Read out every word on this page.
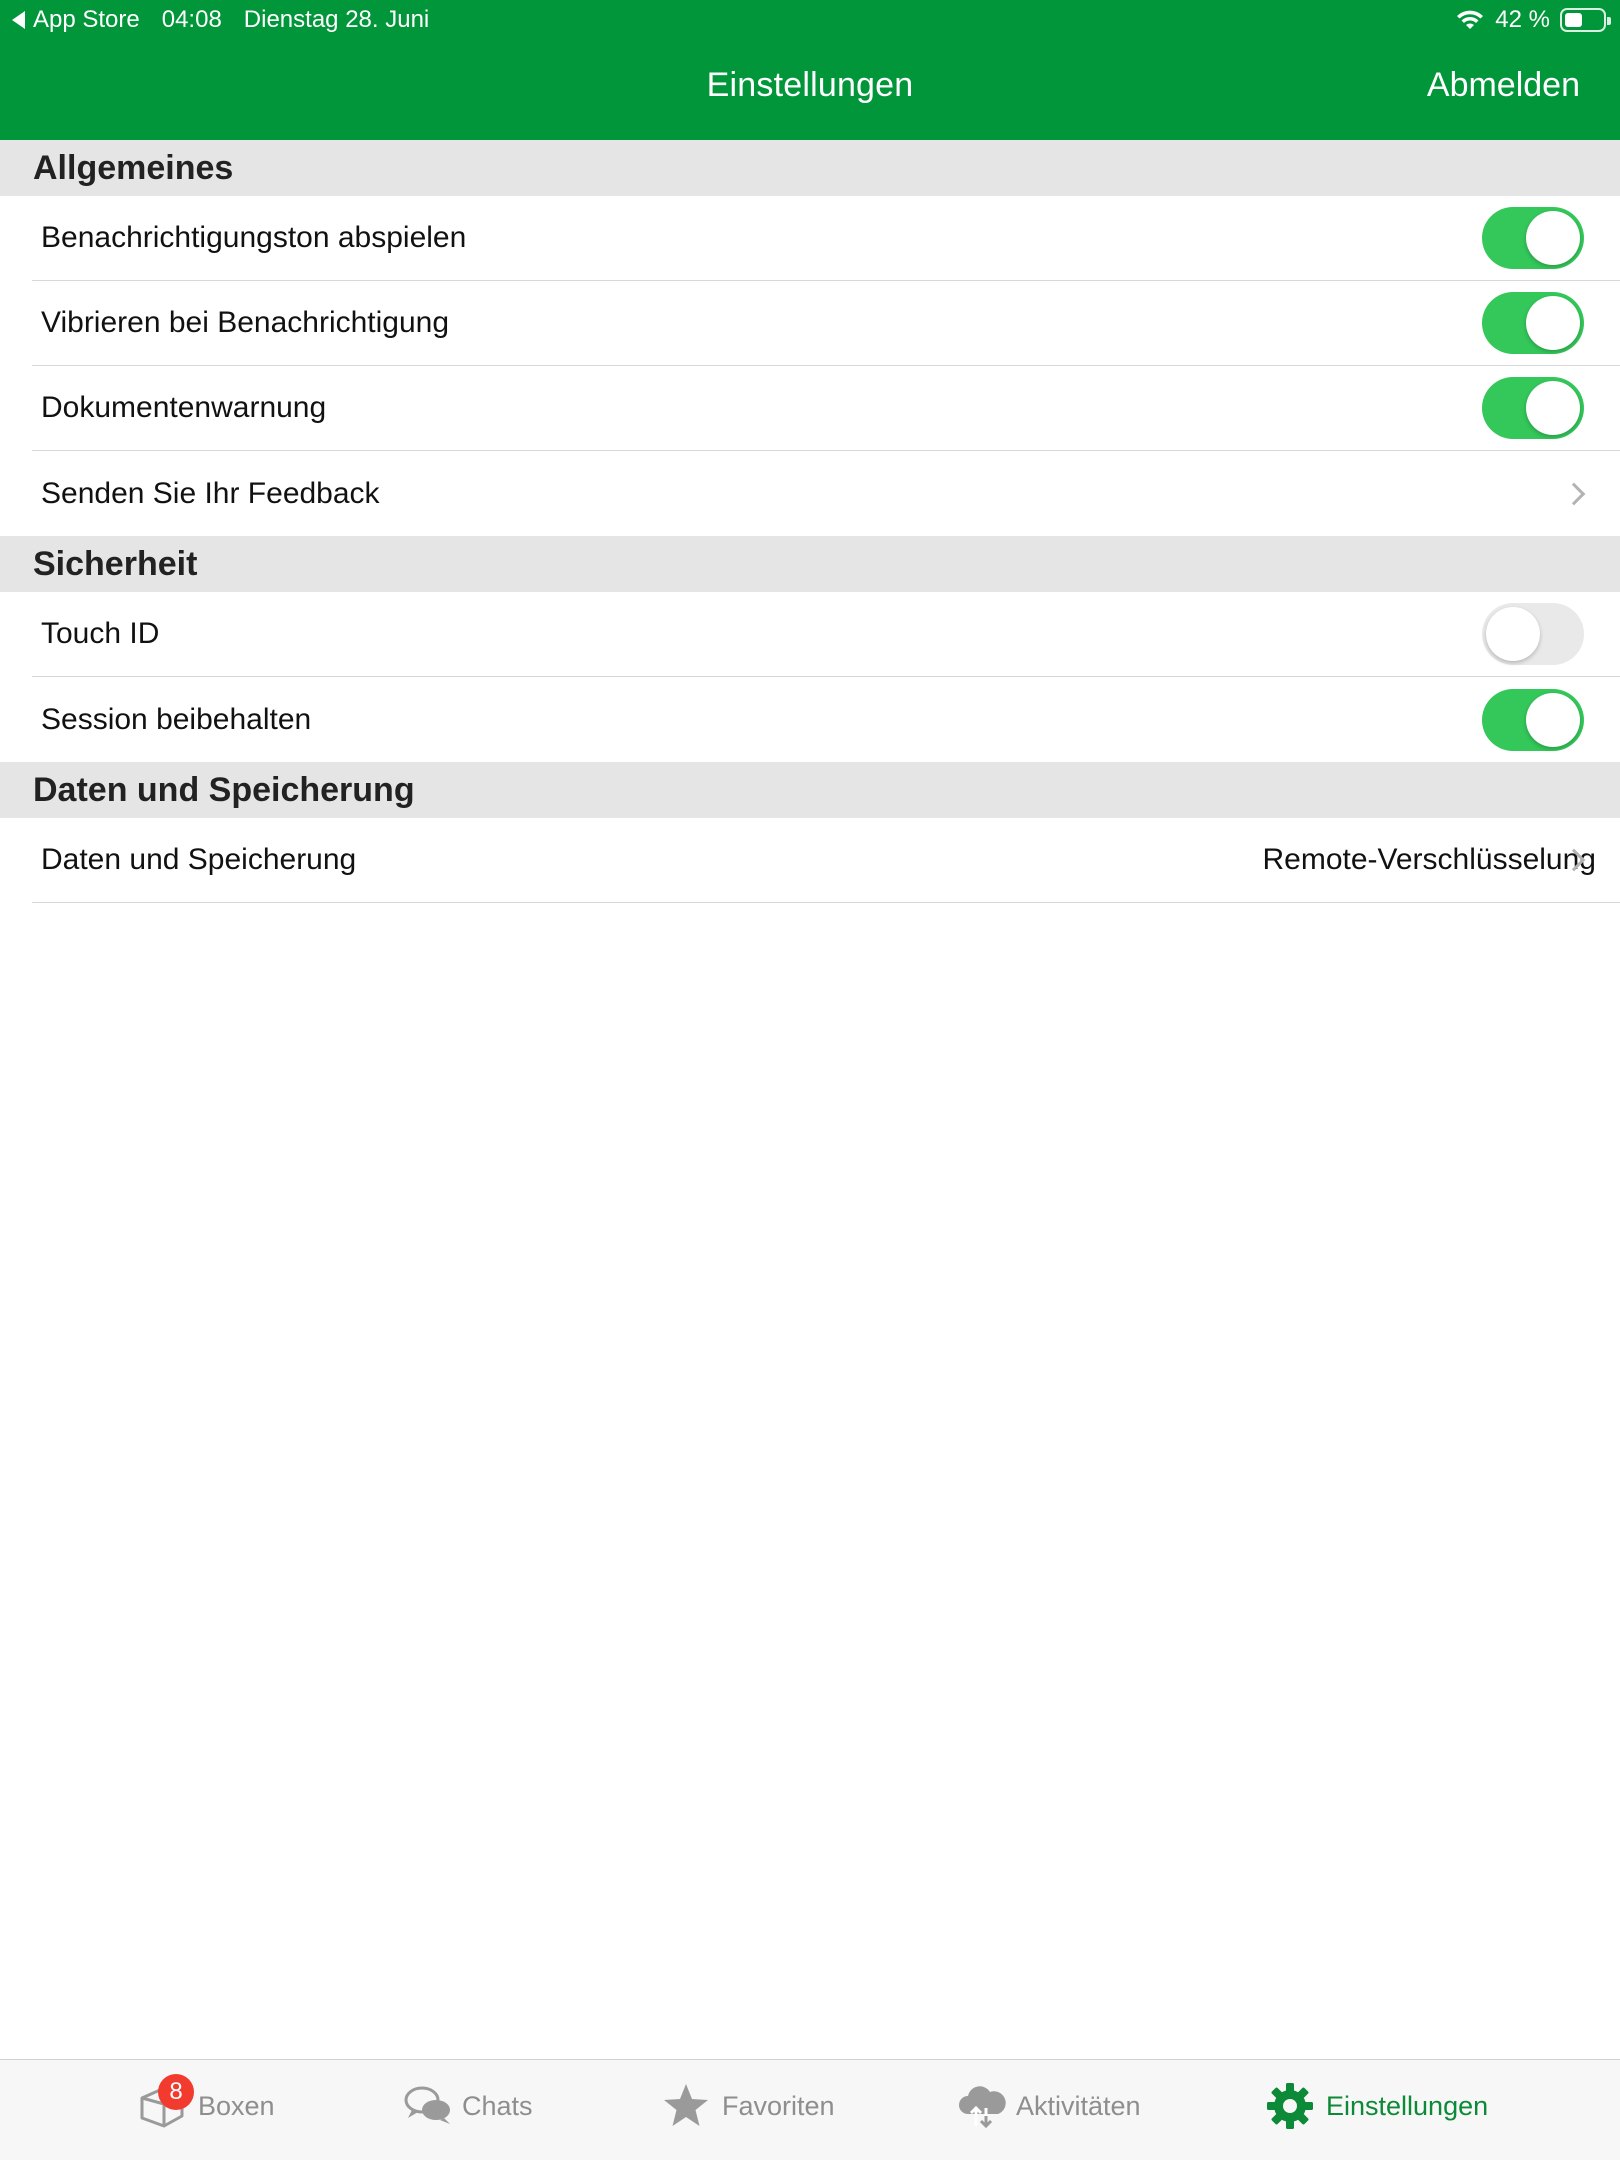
App Store 04:08 Dienstag 28. Juni	42 %
Einstellungen	Abmelden
Allgemeines
Benachrichtigungston abspielen
Vibrieren bei Benachrichtigung
Dokumentenwarnung
Senden Sie Ihr Feedback
Sicherheit
Touch ID
Session beibehalten
Daten und Speicherung
Daten und Speicherung	Remote-Verschlüsselung
8 Boxen	Chats	Favoriten	Aktivitäten	Einstellungen
